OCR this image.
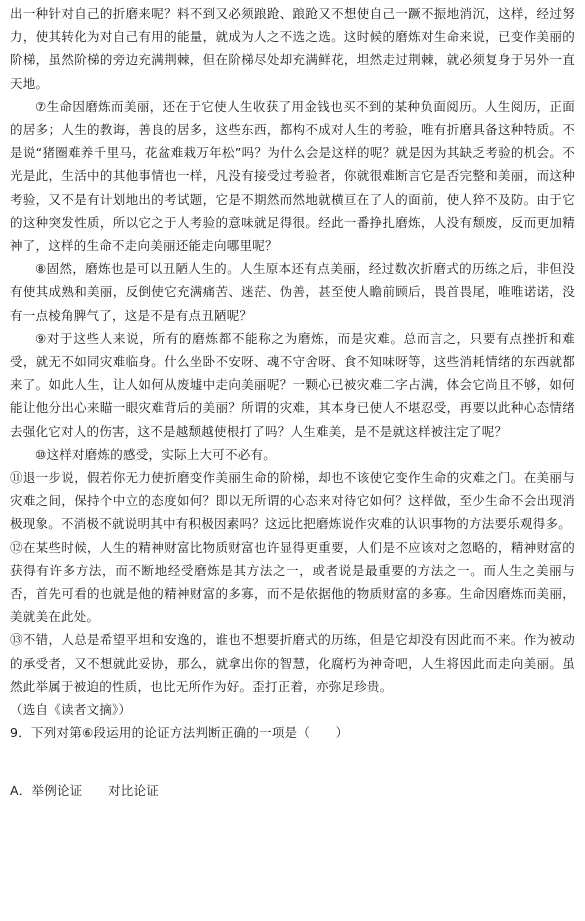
出一种针对自己的折磨来呢？料不到又必须踉跄、踉跄又不想使自己一蹶不振地消沉，这样，经过努力，使其转化为对自己有用的能量，就成为人之不选之选。这时候的磨炼对生命来说，已变作美丽的阶梯，虽然阶梯的旁边充满荆棘，但在阶梯尽处却充满鲜花，坦然走过荆棘，就必须复身于另外一直天地。

⑦生命因磨炼而美丽，还在于它使人生收获了用金钱也买不到的某种负面阅历。人生阅历，正面的居多；人生的教诲，善良的居多，这些东西，都构不成对人生的考验，唯有折磨具备这种特质。不是说“猪圈难养千里马，花盆难栽万年松”吗？为什么会是这样的呢？就是因为其缺乏考验的机会。不光是此，生活中的其他事情也一样，凡没有接受过考验者，你就很难断言它是否完整和美丽，而这种考验，又不是有计划地出的考试题，它是不期然而然地就横亘在了人的面前，使人猝不及防。由于它的这种突发性质，所以它之于人考验的意味就足得很。经此一番挣扎磨炼，人没有颓废，反而更加精神了，这样的生命不走向美丽还能走向哪里呢？

⑧固然，磨炼也是可以丑陋人生的。人生原本还有点美丽，经过数次折磨式的历练之后，非但没有使其成熟和美丽，反倒使它充满痛苦、迷茫、伪善，甚至使人瞻前顾后，畏首畏尾，唯唯诺诺，没有一点棱角脾气了，这是不是有点丑陋呢？

⑨对于这些人来说，所有的磨炼都不能称之为磨炼，而是灾难。总而言之，只要有点挫折和难受，就无不如同灾难临身。什么坐卧不安呀、魂不守舍呀、食不知味呀等，这些消耗情绪的东西就都来了。如此人生，让人如何从废墟中走向美丽呢？一颗心已被灾难二字占满，体会它尚且不够，如何能让他分出心来瞄一眼灾难背后的美丽？所谓的灾难，其本身已使人不堪忍受，再要以此种心态情绪去强化它对人的伤害，这不是越颓越使根打了吗？人生难美，是不是就这样被注定了呢？

⑩这样对磨炼的感受，实际上大可不必有。

⑪退一步说，假若你无力使折磨变作美丽生命的阶梯，却也不该使它变作生命的灾难之门。在美丽与灾难之间，保持个中立的态度如何？即以无所谓的心态来对待它如何？这样做，至少生命不会出现消极现象。不消极不就说明其中有积极因素吗？这远比把磨炼说作灾难的认识事物的方法要乐观得多。

⑫在某些时候，人生的精神财富比物质财富也许显得更重要，人们是不应该对之忽略的，精神财富的获得有许多方法，而不断地经受磨炼是其方法之一，或者说是最重要的方法之一。而人生之美丽与否，首先可看的也就是他的精神财富的多寡，而不是依据他的物质财富的多寡。生命因磨炼而美丽，美就美在此处。

⑬不错，人总是希望平坦和安逸的，谁也不想要折磨式的历练，但是它却没有因此而不来。作为被动的承受者，又不想就此妥协，那么，就拿出你的智慧，化腐朽为神奇吧，人生将因此而走向美丽。虽然此举属于被迫的性质，也比无所作为好。歪打正着，亦弥足珍贵。

（选自《读者文摘》）

9．下列对第⑥段运用的论证方法判断正确的一项是（　　）

A．举例论证　　对比论证
